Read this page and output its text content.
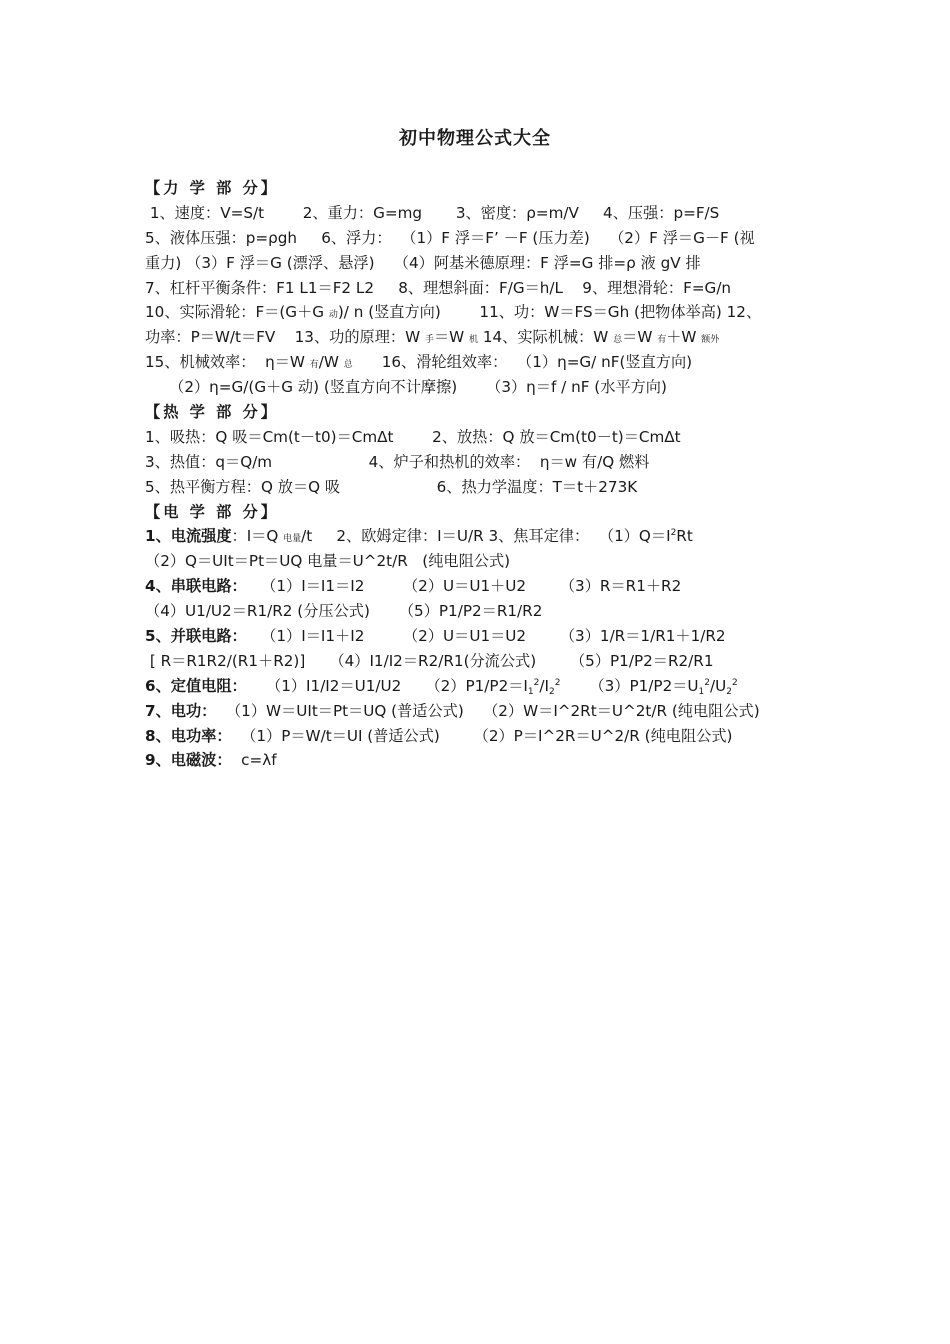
初中物理公式大全
【力 学 部 分】
1、速度：V=S/t        2、重力：G=mg       3、密度：ρ=m/V     4、压强：p=F/S
5、液体压强：p=ρgh     6、浮力：  （1）F 浮＝F’ －F (压力差)    （2）F 浮＝G－F (视
重力) （3）F 浮＝G (漂浮、悬浮)    （4）阿基米德原理：F 浮=G 排=ρ 液 gV 排
7、杠杆平衡条件：F1 L1＝F2 L2     8、理想斜面：F/G＝h/L    9、理想滑轮：F=G/n
10、实际滑轮：F＝(G＋G 动)/ n (竖直方向)        11、功：W＝FS＝Gh (把物体举高) 12、
功率：P＝W/t＝FV    13、功的原理：W 手＝W 机 14、实际机械：W 总＝W 有＋W 额外
15、机械效率：  η＝W 有/W 总      16、滑轮组效率：  （1）η=G/ nF(竖直方向)
（2）η=G/(G＋G 动) (竖直方向不计摩擦)      （3）η＝f / nF (水平方向)
【热 学 部 分】
1、吸热：Q 吸＝Cm(t－t0)＝CmΔt        2、放热：Q 放＝Cm(t0－t)＝CmΔt
3、热值：q＝Q/m                    4、炉子和热机的效率：  η＝w 有/Q 燃料
5、热平衡方程：Q 放＝Q 吸                    6、热力学温度：T＝t＋273K
【电 学 部 分】
1、电流强度：I＝Q 电量/t     2、欧姆定律：I＝U/R 3、焦耳定律：  $(1)Q=I^2Rt$
（2）Q＝UIt＝Pt＝UQ 电量＝U^2t/R   (纯电阻公式)
4、串联电路：   （1）I＝I1＝I2        （2）U＝U1＋U2       （3）R＝R1＋R2
（4）U1/U2＝R1/R2 (分压公式)      （5）P1/P2＝R1/R2
5、并联电路：   （1）I＝I1＋I2        （2）U＝U1＝U2       （3）1/R＝1/R1＋1/R2
[ R＝R1R2/(R1＋R2)]     （4）I1/I2＝R2/R1(分流公式)       （5）P1/P2＝R2/R1
6、定值电阻：    （1）I1/I2＝U1/U2     $(2)P1/P2=I1^2/I2^2$      $(3)P1/P2=U1^2/U2^2$
7、电功：  （1）W＝UIt＝Pt＝UQ (普适公式)    （2）W＝I^2Rt＝U^2t/R (纯电阻公式)
8、电功率：  （1）P＝W/t＝UI (普适公式)       （2）P＝I^2R＝U^2/R (纯电阻公式)
9、电磁波：  c=λf
